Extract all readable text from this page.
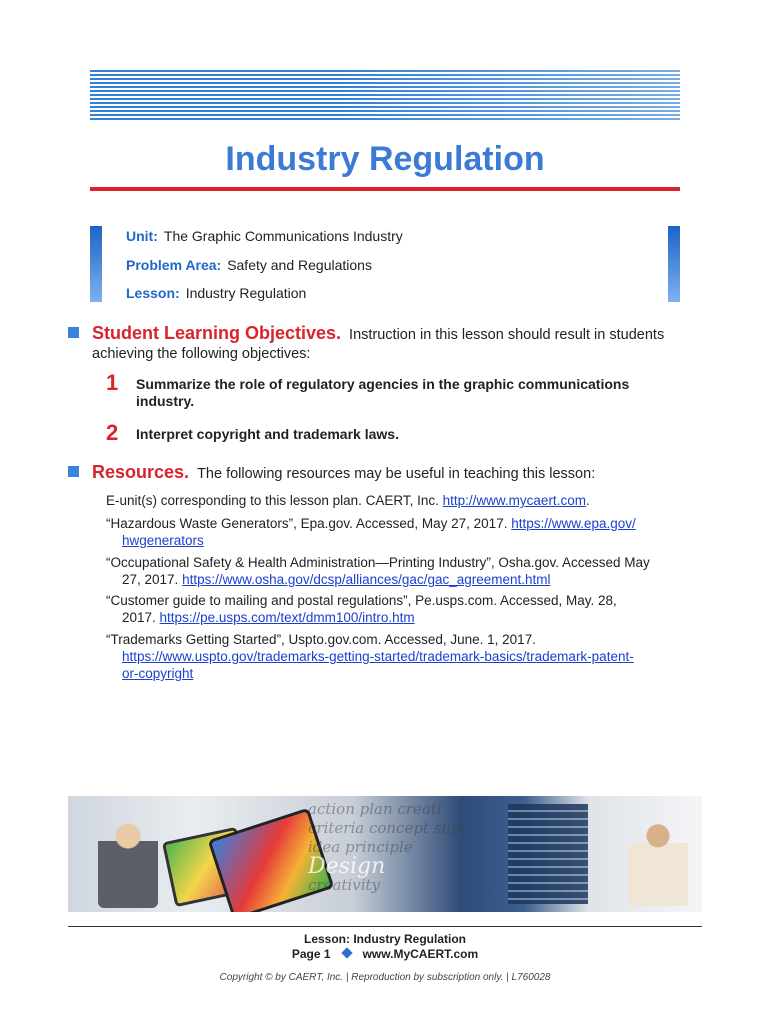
Industry Regulation
Unit: The Graphic Communications Industry
Problem Area: Safety and Regulations
Lesson: Industry Regulation
Student Learning Objectives. Instruction in this lesson should result in students
achieving the following objectives:
1 Summarize the role of regulatory agencies in the graphic communications
industry.
2 Interpret copyright and trademark laws.
Resources. The following resources may be useful in teaching this lesson:
E-unit(s) corresponding to this lesson plan. CAERT, Inc. http://www.mycaert.com.
“Hazardous Waste Generators”, Epa.gov. Accessed, May 27, 2017. https://www.epa.gov/
hwgenerators
“Occupational Safety & Health Administration—Printing Industry”, Osha.gov. Accessed May
27, 2017. https://www.osha.gov/dcsp/alliances/gac/gac_agreement.html
“Customer guide to mailing and postal regulations”, Pe.usps.com. Accessed, May. 28,
2017. https://pe.usps.com/text/dmm100/intro.htm
“Trademarks Getting Started”, Uspto.gov.com. Accessed, June. 1, 2017.
https://www.uspto.gov/trademarks-getting-started/trademark-basics/trademark-patent-
or-copyright
action plan creati
criteria concept sup
idea principle
Design
creativity
Lesson: Industry Regulation
Page 1	www.MyCAERT.com
Copyright © by CAERT, Inc. | Reproduction by subscription only. | L760028
